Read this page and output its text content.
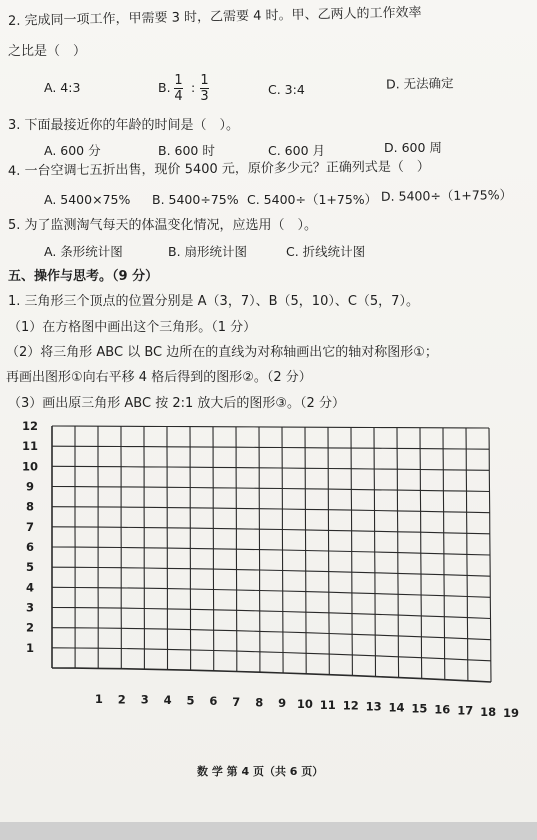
2. 完成同一项工作，甲需要 3 时，乙需要 4 时。甲、乙两人的工作效率
之比是（　）
A. 4:3	B. 1
4
: 1
3	C. 3:4	D. 无法确定
3. 下面最接近你的年龄的时间是（　）。
A. 600 分	B. 600 时	C. 600 月	D. 600 周
4. 一台空调七五折出售，现价 5400 元，原价多少元？正确列式是（　）
A. 5400×75% B. 5400÷75% C. 5400÷（1+75%） D. 5400÷（1+75%）
5. 为了监测淘气每天的体温变化情况，应选用（　）。
A. 条形统计图	B. 扇形统计图	C. 折线统计图
五、操作与思考。（9 分）
1. 三角形三个顶点的位置分别是 A（3，7）、B（5，10）、C（5，7）。
（1）在方格图中画出这个三角形。（1 分）
（2）将三角形 ABC 以 BC 边所在的直线为对称轴画出它的轴对称图形①；
再画出图形①向右平移 4 格后得到的图形②。（2 分）
（3）画出原三角形 ABC 按 2:1 放大后的图形③。（2 分）
12
11
10
9
8
7
6
5
4
3
2
1
1 2 3 4 5 6 7 8 9 10 11 12 13 14 15 16 17 18 19
数 学 第 4 页（共 6 页）
